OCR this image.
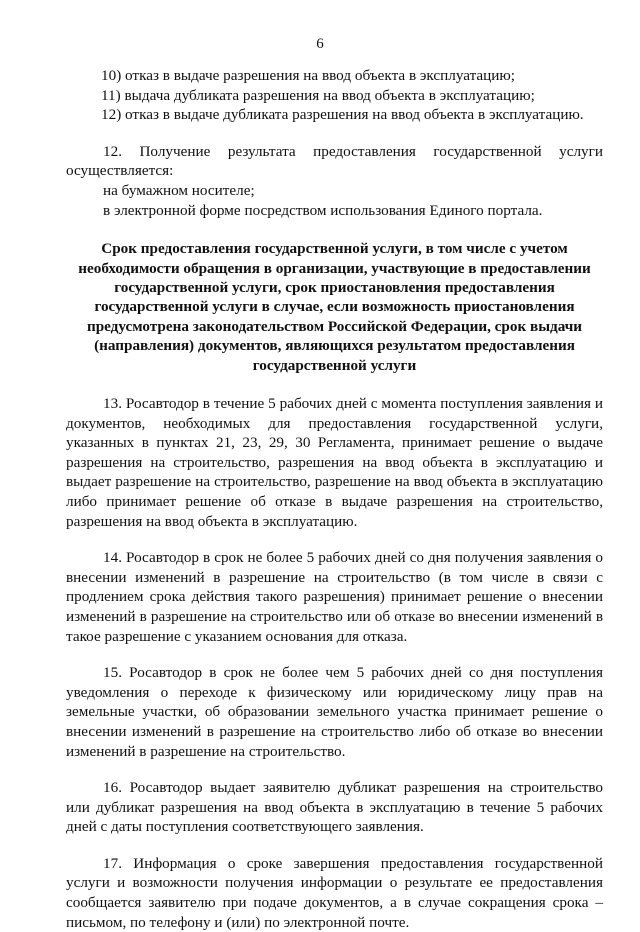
6

10) отказ в выдаче разрешения на ввод объекта в эксплуатацию;

11) выдача дубликата разрешения на ввод объекта в эксплуатацию;

12) отказ в выдаче дубликата разрешения на ввод объекта в эксплуатацию.

12. Получение результата предоставления государственной услуги

осуществляется:

на бумажном носителе;

в электронной форме посредством использования Единого портала.

Срок предоставления государственной услуги, в том числе с учетом необходимости обращения в организации, участвующие в предоставлении государственной услуги, срок приостановления предоставления государственной услуги в случае, если возможность приостановления предусмотрена законодательством Российской Федерации, срок выдачи (направления) документов, являющихся результатом предоставления государственной услуги

13. Росавтодор в течение 5 рабочих дней с момента поступления заявления и документов, необходимых для предоставления государственной услуги, указанных в пунктах 21, 23, 29, 30 Регламента, принимает решение о выдаче разрешения на строительство, разрешения на ввод объекта в эксплуатацию и выдает разрешение на строительство, разрешение на ввод объекта в эксплуатацию либо принимает решение об отказе в выдаче разрешения на строительство, разрешения на ввод объекта в эксплуатацию.

14. Росавтодор в срок не более 5 рабочих дней со дня получения заявления о внесении изменений в разрешение на строительство (в том числе в связи с продлением срока действия такого разрешения) принимает решение о внесении изменений в разрешение на строительство или об отказе во внесении изменений в такое разрешение с указанием основания для отказа.

15. Росавтодор в срок не более чем 5 рабочих дней со дня поступления уведомления о переходе к физическому или юридическому лицу прав на земельные участки, об образовании земельного участка принимает решение о внесении изменений в разрешение на строительство либо об отказе во внесении изменений в разрешение на строительство.

16. Росавтодор выдает заявителю дубликат разрешения на строительство или дубликат разрешения на ввод объекта в эксплуатацию в течение 5 рабочих дней с даты поступления соответствующего заявления.

17. Информация о сроке завершения предоставления государственной услуги и возможности получения информации о результате ее предоставления сообщается заявителю при подаче документов, а в случае сокращения срока – письмом, по телефону и (или) по электронной почте.
